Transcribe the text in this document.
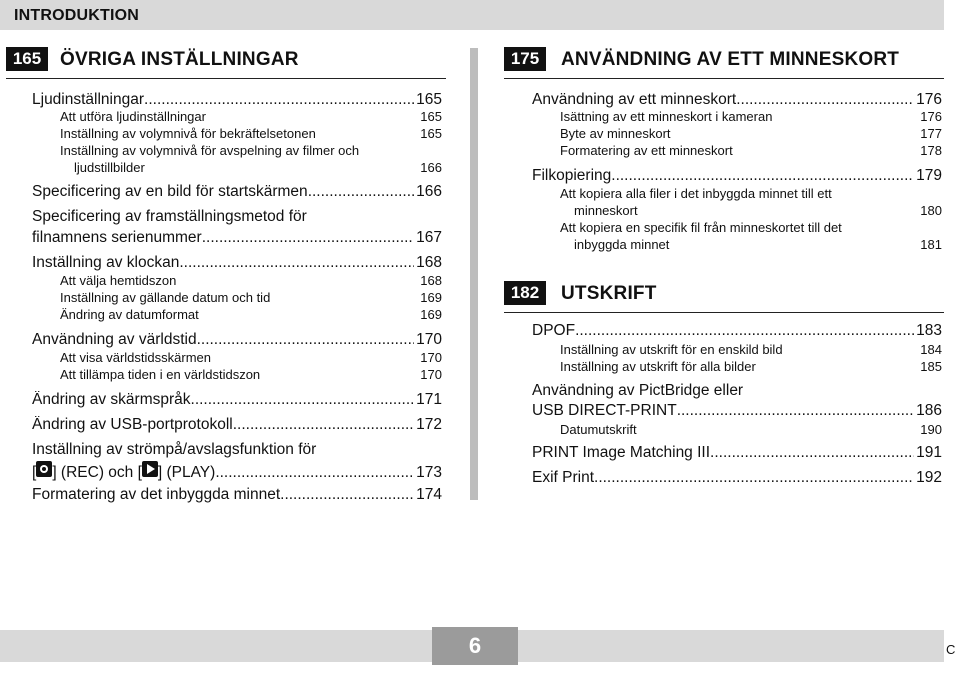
INTRODUKTION
165 ÖVRIGA INSTÄLLNINGAR
Ljudinställningar .....	165
Att utföra ljudinställningar	165
Inställning av volymnivå för bekräftelsetonen	165
Inställning av volymnivå för avspelning av filmer och
ljudstillbilder	166
Specificering av en bild för startskärmen .....	166
Specificering av framställningsmetod för
filnamnens serienummer .....	167
Inställning av klockan .....	168
Att välja hemtidszon	168
Inställning av gällande datum och tid	169
Ändring av datumformat	169
Användning av världstid .....	170
Att visa världstidsskärmen	170
Att tillämpa tiden i en världstidszon	170
Ändring av skärmspråk .....	171
Ändring av USB-portprotokoll .....	172
Inställning av strömpå/avslagsfunktion för
[ ] (REC) och [ ] (PLAY) .....	173
Formatering av det inbyggda minnet .....	174
175	ANVÄNDNING AV ETT MINNESKORT
Användning av ett minneskort .....	176
Isättning av ett minneskort i kameran	176
Byte av minneskort	177
Formatering av ett minneskort	178
Filkopiering .....	179
Att kopiera alla filer i det inbyggda minnet till ett
minneskort	180
Att kopiera en specifik fil från minneskortet till det
inbyggda minnet	181
182	UTSKRIFT
DPOF .....	183
Inställning av utskrift för en enskild bild	184
Inställning av utskrift för alla bilder	185
Användning av PictBridge eller
USB DIRECT-PRINT .....	186
Datumutskrift	190
PRINT Image Matching III .....	191
Exif Print .....	192
6	C
